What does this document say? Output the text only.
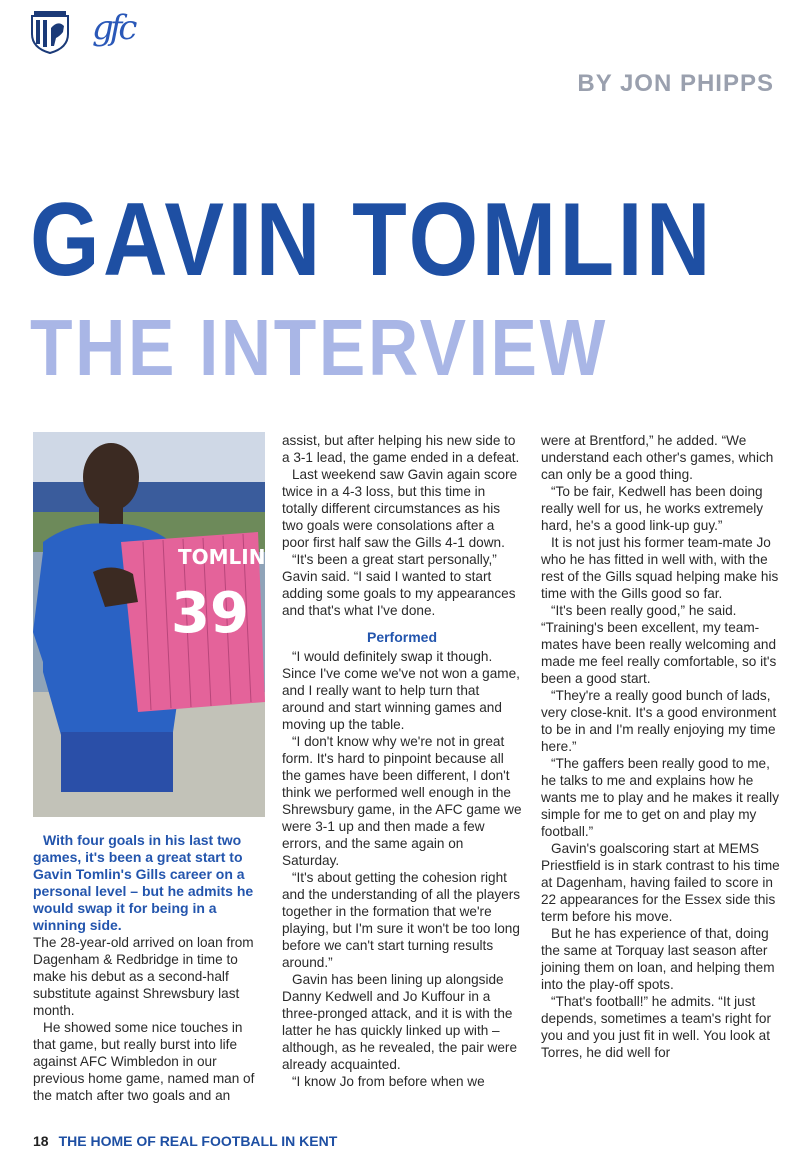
gfc
BY JON PHIPPS
GAVIN TOMLIN
THE INTERVIEW
TOMLIN
39

With four goals in his last two games, it's been a great start to Gavin Tomlin's Gills career on a personal level – but he admits he would swap it for being in a winning side.

The 28-year-old arrived on loan from Dagenham & Redbridge in time to make his debut as a second-half substitute against Shrewsbury last month.

He showed some nice touches in that game, but really burst into life against AFC Wimbledon in our previous home game, named man of the match after two goals and an

assist, but after helping his new side to a 3-1 lead, the game ended in a defeat.

Last weekend saw Gavin again score twice in a 4-3 loss, but this time in totally different circumstances as his two goals were consolations after a poor first half saw the Gills 4-1 down.

“It's been a great start personally,” Gavin said. “I said I wanted to start adding some goals to my appearances and that's what I've done.

Performed

“I would definitely swap it though. Since I've come we've not won a game, and I really want to help turn that around and start winning games and moving up the table.

“I don't know why we're not in great form. It's hard to pinpoint because all the games have been different, I don't think we performed well enough in the Shrewsbury game, in the AFC game we were 3-1 up and then made a few errors, and the same again on Saturday.

“It's about getting the cohesion right and the understanding of all the players together in the formation that we're playing, but I'm sure it won't be too long before we can't start turning results around.”

Gavin has been lining up alongside Danny Kedwell and Jo Kuffour in a three-pronged attack, and it is with the latter he has quickly linked up with – although, as he revealed, the pair were already acquainted.

“I know Jo from before when we

were at Brentford,” he added. “We understand each other's games, which can only be a good thing.

“To be fair, Kedwell has been doing really well for us, he works extremely hard, he's a good link-up guy.”

It is not just his former team-mate Jo who he has fitted in well with, with the rest of the Gills squad helping make his time with the Gills good so far.

“It's been really good,” he said. “Training's been excellent, my team-mates have been really welcoming and made me feel really comfortable, so it's been a good start.

“They're a really good bunch of lads, very close-knit. It's a good environment to be in and I'm really enjoying my time here.”

“The gaffers been really good to me, he talks to me and explains how he wants me to play and he makes it really simple for me to get on and play my football.”

Gavin's goalscoring start at MEMS Priestfield is in stark contrast to his time at Dagenham, having failed to score in 22 appearances for the Essex side this term before his move.

But he has experience of that, doing the same at Torquay last season after joining them on loan, and helping them into the play-off spots.

“That's football!” he admits. “It just depends, sometimes a team's right for you and you just fit in well. You look at Torres, he did well for

18 THE HOME OF REAL FOOTBALL IN KENT
